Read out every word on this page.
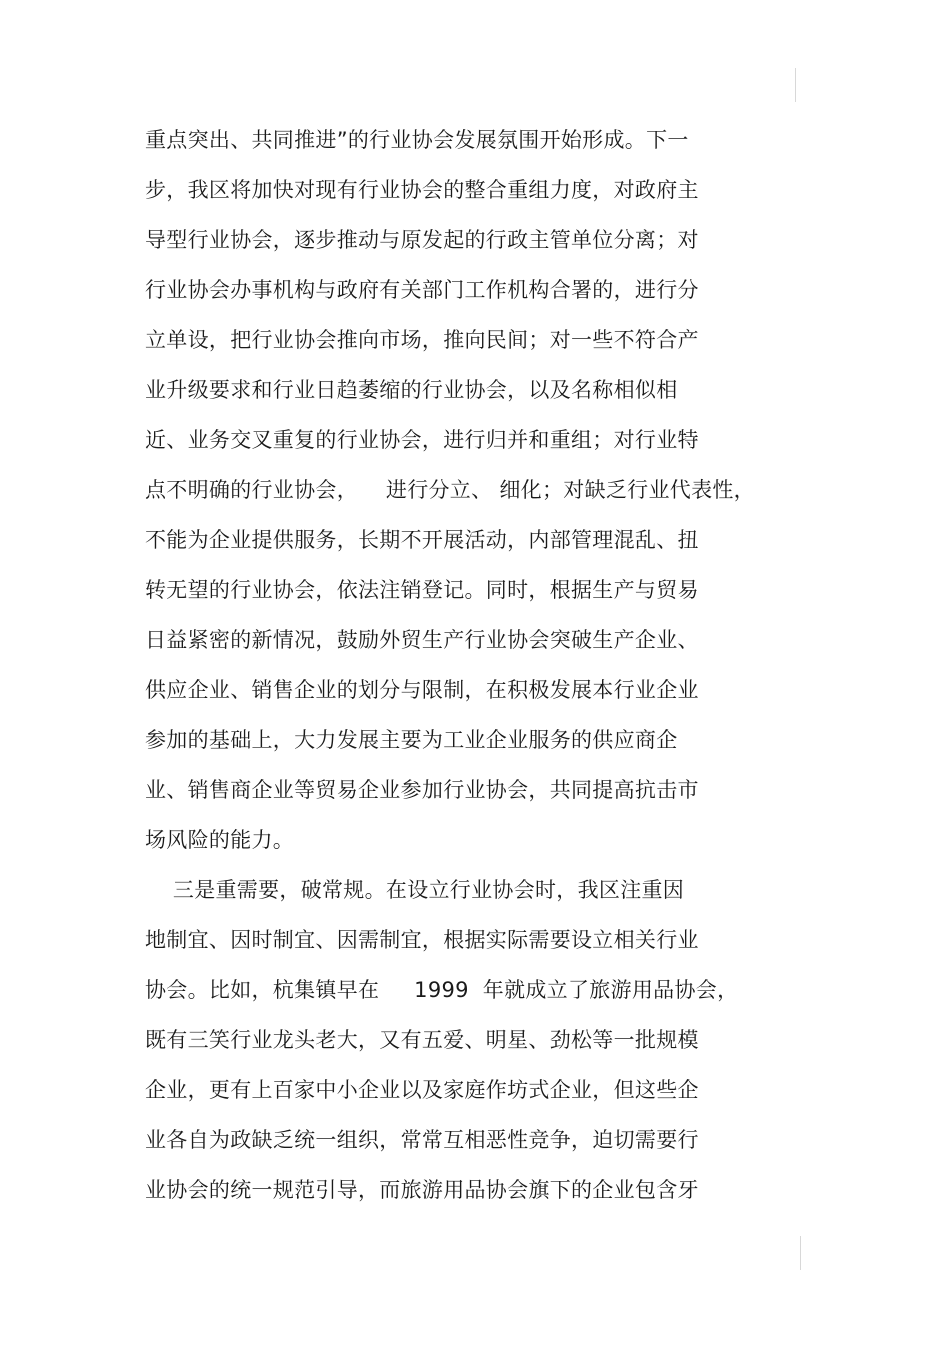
重点突出、共同推进”的行业协会发展氛围开始形成。下一
步，我区将加快对现有行业协会的整合重组力度，对政府主
导型行业协会，逐步推动与原发起的行政主管单位分离；对
行业协会办事机构与政府有关部门工作机构合署的，进行分
立单设，把行业协会推向市场，推向民间；对一些不符合产
业升级要求和行业日趋萎缩的行业协会，以及名称相似相
近、业务交叉重复的行业协会，进行归并和重组；对行业特
点不明确的行业协会，    进行分立、 细化；对缺乏行业代表性，
不能为企业提供服务，长期不开展活动，内部管理混乱、扭
转无望的行业协会，依法注销登记。同时，根据生产与贸易
日益紧密的新情况，鼓励外贸生产行业协会突破生产企业、
供应企业、销售企业的划分与限制，在积极发展本行业企业
参加的基础上，大力发展主要为工业企业服务的供应商企
业、销售商企业等贸易企业参加行业协会，共同提高抗击市
场风险的能力。
三是重需要，破常规。在设立行业协会时，我区注重因
地制宜、因时制宜、因需制宜，根据实际需要设立相关行业
协会。比如，杭集镇早在     1999  年就成立了旅游用品协会，
既有三笑行业龙头老大，又有五爱、明星、劲松等一批规模
企业，更有上百家中小企业以及家庭作坊式企业，但这些企
业各自为政缺乏统一组织，常常互相恶性竞争，迫切需要行
业协会的统一规范引导，而旅游用品协会旗下的企业包含牙
